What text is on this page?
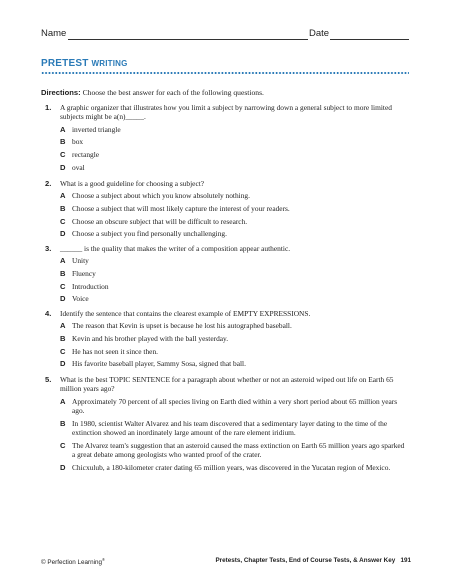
Name	Date
PRETEST WRITING
Directions: Choose the best answer for each of the following questions.
1. A graphic organizer that illustrates how you limit a subject by narrowing down a general subject to more limited subjects might be a(n)_____.
A inverted triangle
B box
C rectangle
D oval
2. What is a good guideline for choosing a subject?
A Choose a subject about which you know absolutely nothing.
B Choose a subject that will most likely capture the interest of your readers.
C Choose an obscure subject that will be difficult to research.
D Choose a subject you find personally unchallenging.
3. ______ is the quality that makes the writer of a composition appear authentic.
A Unity
B Fluency
C Introduction
D Voice
4. Identify the sentence that contains the clearest example of EMPTY EXPRESSIONS.
A The reason that Kevin is upset is because he lost his autographed baseball.
B Kevin and his brother played with the ball yesterday.
C He has not seen it since then.
D His favorite baseball player, Sammy Sosa, signed that ball.
5. What is the best TOPIC SENTENCE for a paragraph about whether or not an asteroid wiped out life on Earth 65 million years ago?
A Approximately 70 percent of all species living on Earth died within a very short period about 65 million years ago.
B In 1980, scientist Walter Alvarez and his team discovered that a sedimentary layer dating to the time of the extinction showed an inordinately large amount of the rare element iridium.
C The Alvarez team's suggestion that an asteroid caused the mass extinction on Earth 65 million years ago sparked a great debate among geologists who wanted proof of the crater.
D Chicxulub, a 180-kilometer crater dating 65 million years, was discovered in the Yucatan region of Mexico.
© Perfection Learning®	Pretests, Chapter Tests, End of Course Tests, & Answer Key 191
